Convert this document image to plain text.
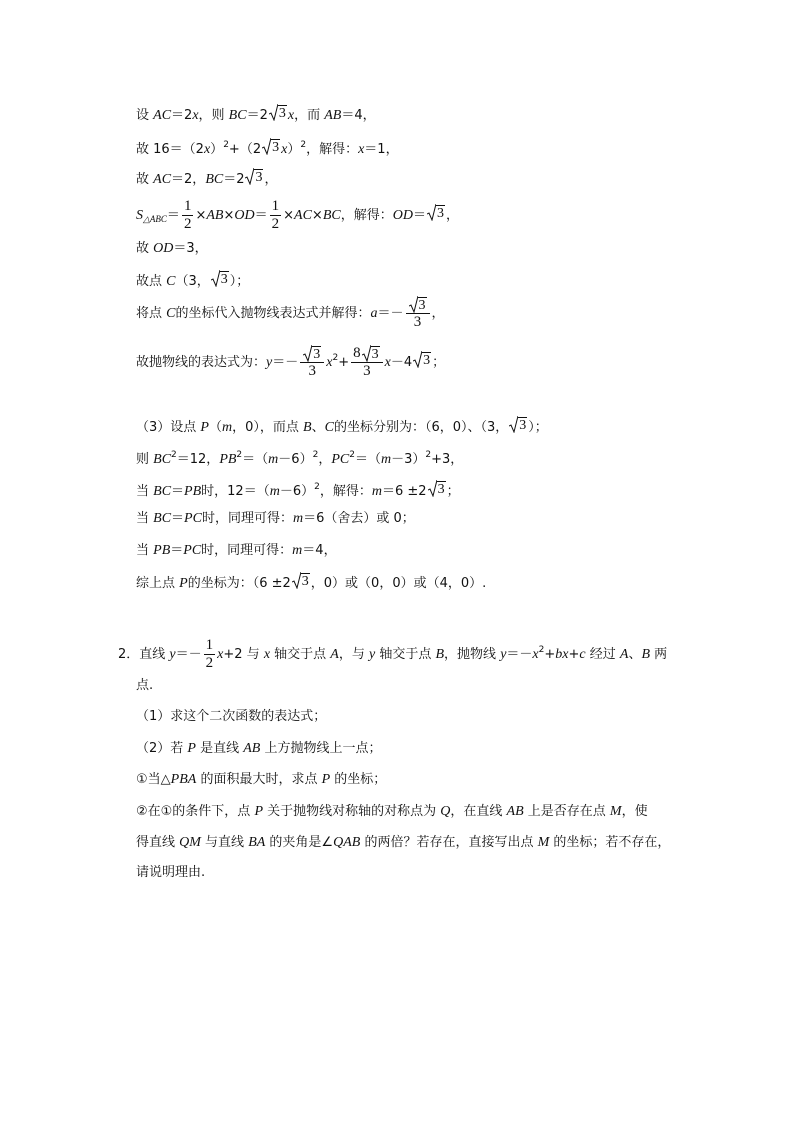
设 AC＝2x，则 BC＝2 3 x，而 AB＝4，
故 $16=(2x)^2+(2$ 3 x）$^2$，解得：x＝1，
故 AC＝2，BC＝2 3 ，
$S_{\triangle ABC}= \frac{1}{2} \times AB\times OD= \frac{1}{2} \times AC\times BC$，解得：OD＝ 3 ，
故 OD＝3，
故点 C（3， 3 ）；
将点 C的坐标代入抛物线表达式并解得：$a=- \frac{3}{3}$ ，
故抛物线的表达式为：$y=- \frac{3}{3} x^2+ \frac{8 3}{3} x-4$ 3 ；
（3）设点 P（m，0），而点 B、C的坐标分别为：（6，0）、（3， 3 ）；
则 $BC^2=12$，$PB^2=(m-6)^2$，$PC^2=(m-3)^2+3$，
当 BC＝PB时，$12=(m-6)^2$，解得：m＝6 ±2 3 ；
当 BC＝PC时，同理可得：m＝6（舍去）或 0；
当 PB＝PC时，同理可得：m＝4，
综上点 P的坐标为：（6 ±2 3 ，0）或（0，0）或（4，0）.
2．直线 $y=- \frac{1}{2} x+2$ 与 x 轴交于点 A，与 y 轴交于点 B，抛物线 $y=-x^2+bx+c$ 经过 A、B 两
点.
（1）求这个二次函数的表达式；
（2）若 P 是直线 AB 上方抛物线上一点；
①当△PBA 的面积最大时，求点 P 的坐标；
②在①的条件下，点 P 关于抛物线对称轴的对称点为 Q，在直线 AB 上是否存在点 M，使
得直线 QM 与直线 BA 的夹角是∠QAB 的两倍？若存在，直接写出点 M 的坐标；若不存在，
请说明理由.
